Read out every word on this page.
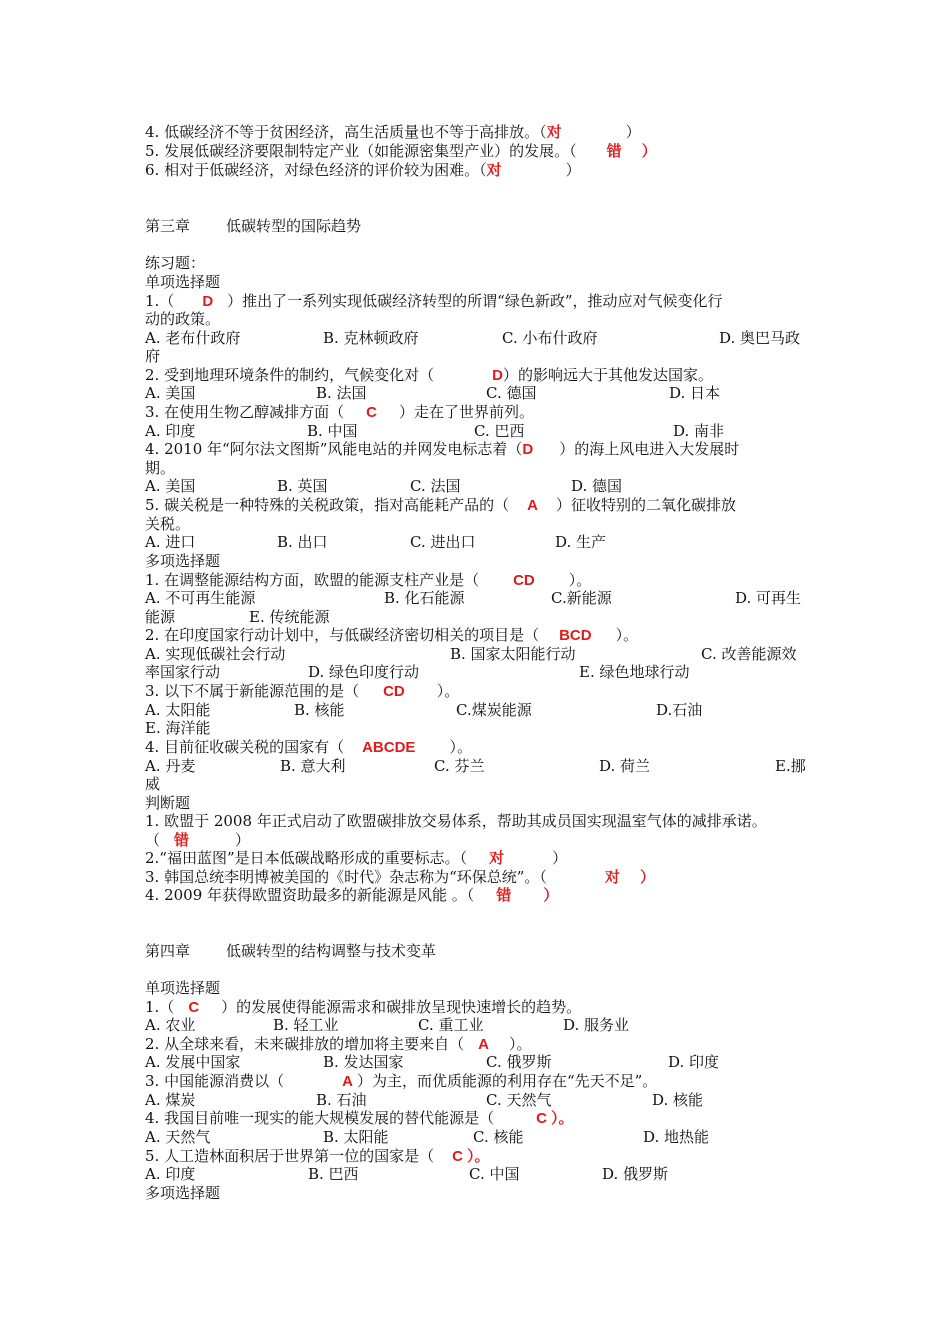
4. 低碳经济不等于贫困经济，高生活质量也不等于高排放。（对	）
5. 发展低碳经济要限制特定产业（如能源密集型产业）的发展。（ 错 ）
6. 相对于低碳经济，对绿色经济的评价较为困难。（对	）
第三章 低碳转型的国际趋势
练习题：
单项选择题
1.（ D ）推出了一系列实现低碳经济转型的所谓“绿色新政”，推动应对气候变化行
动的政策。
A. 老布什政府	B. 克林顿政府	C. 小布什政府	D. 奥巴马政
府
2. 受到地理环境条件的制约，气候变化对（	D）的影响远大于其他发达国家。
A. 美国	B. 法国	C. 德国	D. 日本
3. 在使用生物乙醇减排方面（ C ）走在了世界前列。
A. 印度	B. 中国	C. 巴西	D. 南非
4. 2010 年“阿尔法文图斯”风能电站的并网发电标志着（D ）的海上风电进入大发展时
期。
A. 美国	B. 英国	C. 法国	D. 德国
5. 碳关税是一种特殊的关税政策，指对高能耗产品的（ A ）征收特别的二氧化碳排放
关税。
A. 进口	B. 出口	C. 进出口	D. 生产
多项选择题
1. 在调整能源结构方面，欧盟的能源支柱产业是（ CD ）。
A. 不可再生能源	B. 化石能源	C.新能源	D. 可再生
能源	E. 传统能源
2. 在印度国家行动计划中，与低碳经济密切相关的项目是（ BCD ）。
A. 实现低碳社会行动	B. 国家太阳能行动	C. 改善能源效
率国家行动	D. 绿色印度行动	E. 绿色地球行动
3. 以下不属于新能源范围的是（ CD ）。
A. 太阳能	B. 核能	C.煤炭能源	D.石油
E. 海洋能
4. 目前征收碳关税的国家有（ ABCDE ）。
A. 丹麦	B. 意大利	C. 芬兰	D. 荷兰	E.挪
威
判断题
1. 欧盟于 2008 年正式启动了欧盟碳排放交易体系，帮助其成员国实现温室气体的减排承诺。
（ 错	）
2.“福田蓝图”是日本低碳战略形成的重要标志。（ 对	）
3. 韩国总统李明博被美国的《时代》杂志称为“环保总统”。（	对 ）
4. 2009 年获得欧盟资助最多的新能源是风能 。（ 错 ）
第四章 低碳转型的结构调整与技术变革
单项选择题
1.（ C ）的发展使得能源需求和碳排放呈现快速增长的趋势。
A. 农业	B. 轻工业	C. 重工业	D. 服务业
2. 从全球来看，未来碳排放的增加将主要来自（ A ）。
A. 发展中国家	B. 发达国家	C. 俄罗斯	D. 印度
3. 中国能源消费以（	A ）为主，而优质能源的利用存在“先天不足”。
A. 煤炭	B. 石油	C. 天然气	D. 核能
4. 我国目前唯一现实的能大规模发展的替代能源是（	C ）。
A. 天然气	B. 太阳能	C. 核能	D. 地热能
5. 人工造林面积居于世界第一位的国家是（ C ）。
A. 印度	B. 巴西	C. 中国	D. 俄罗斯
多项选择题
